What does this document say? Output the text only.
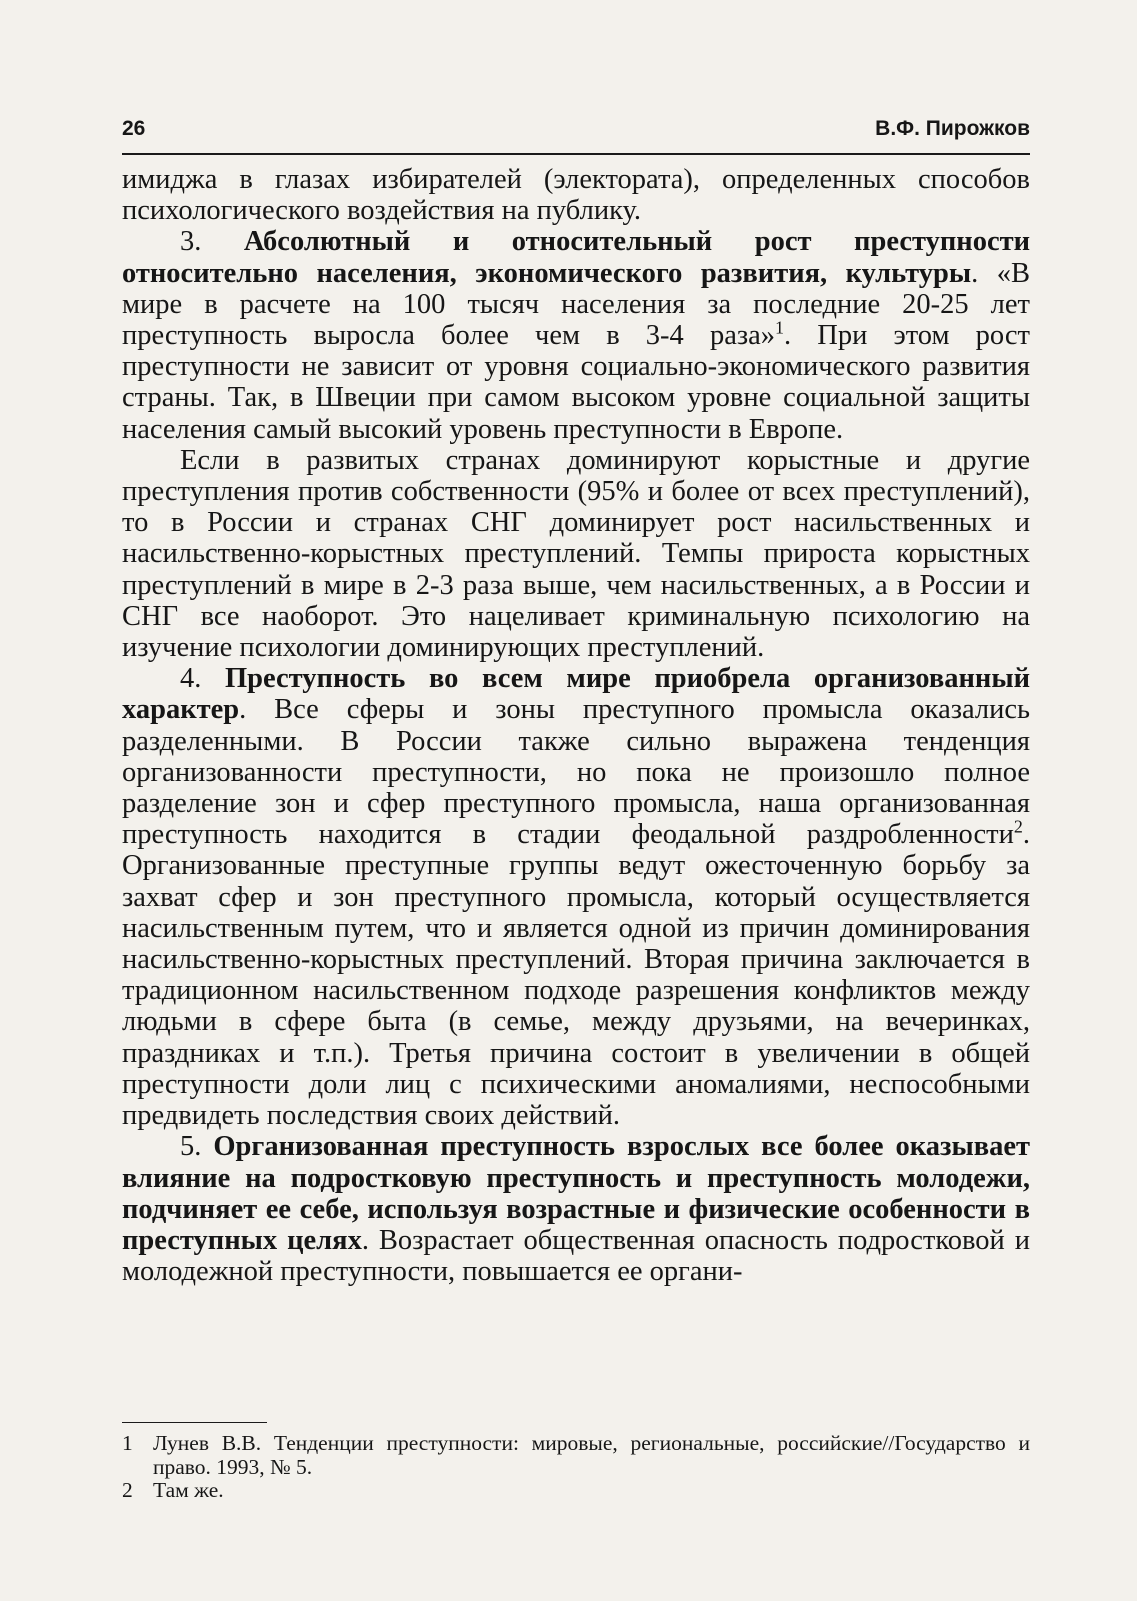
26	В.Ф. Пирожков

имиджа в глазах избирателей (электората), определенных способов психологического воздействия на публику.

3. Абсолютный и относительный рост преступности относительно населения, экономического развития, культуры. «В мире в расчете на 100 тысяч населения за последние 20-25 лет преступность выросла более чем в 3-4 раза»$^1$. При этом рост преступности не зависит от уровня социально-экономического развития страны. Так, в Швеции при самом высоком уровне социальной защиты населения самый высокий уровень преступности в Европе.

Если в развитых странах доминируют корыстные и другие преступления против собственности (95% и более от всех преступлений), то в России и странах СНГ доминирует рост насильственных и насильственно-корыстных преступлений. Темпы прироста корыстных преступлений в мире в 2-3 раза выше, чем насильственных, а в России и СНГ все наоборот. Это нацеливает криминальную психологию на изучение психологии доминирующих преступлений.

4. Преступность во всем мире приобрела организованный характер. Все сферы и зоны преступного промысла оказались разделенными. В России также сильно выражена тенденция организованности преступности, но пока не произошло полное разделение зон и сфер преступного промысла, наша организованная преступность находится в стадии феодальной раздробленности$^2$. Организованные преступные группы ведут ожесточенную борьбу за захват сфер и зон преступного промысла, который осуществляется насильственным путем, что и является одной из причин доминирования насильственно-корыстных преступлений. Вторая причина заключается в традиционном насильственном подходе разрешения конфликтов между людьми в сфере быта (в семье, между друзьями, на вечеринках, праздниках и т.п.). Третья причина состоит в увеличении в общей преступности доли лиц с психическими аномалиями, неспособными предвидеть последствия своих действий.

5. Организованная преступность взрослых все более оказывает влияние на подростковую преступность и преступность молодежи, подчиняет ее себе, используя возрастные и физические особенности в преступных целях. Возрастает общественная опасность подростковой и молодежной преступности, повышается ее органи-

1 Лунев В.В. Тенденции преступности: мировые, региональные, российские//Государство и право. 1993, № 5.

2 Там же.
